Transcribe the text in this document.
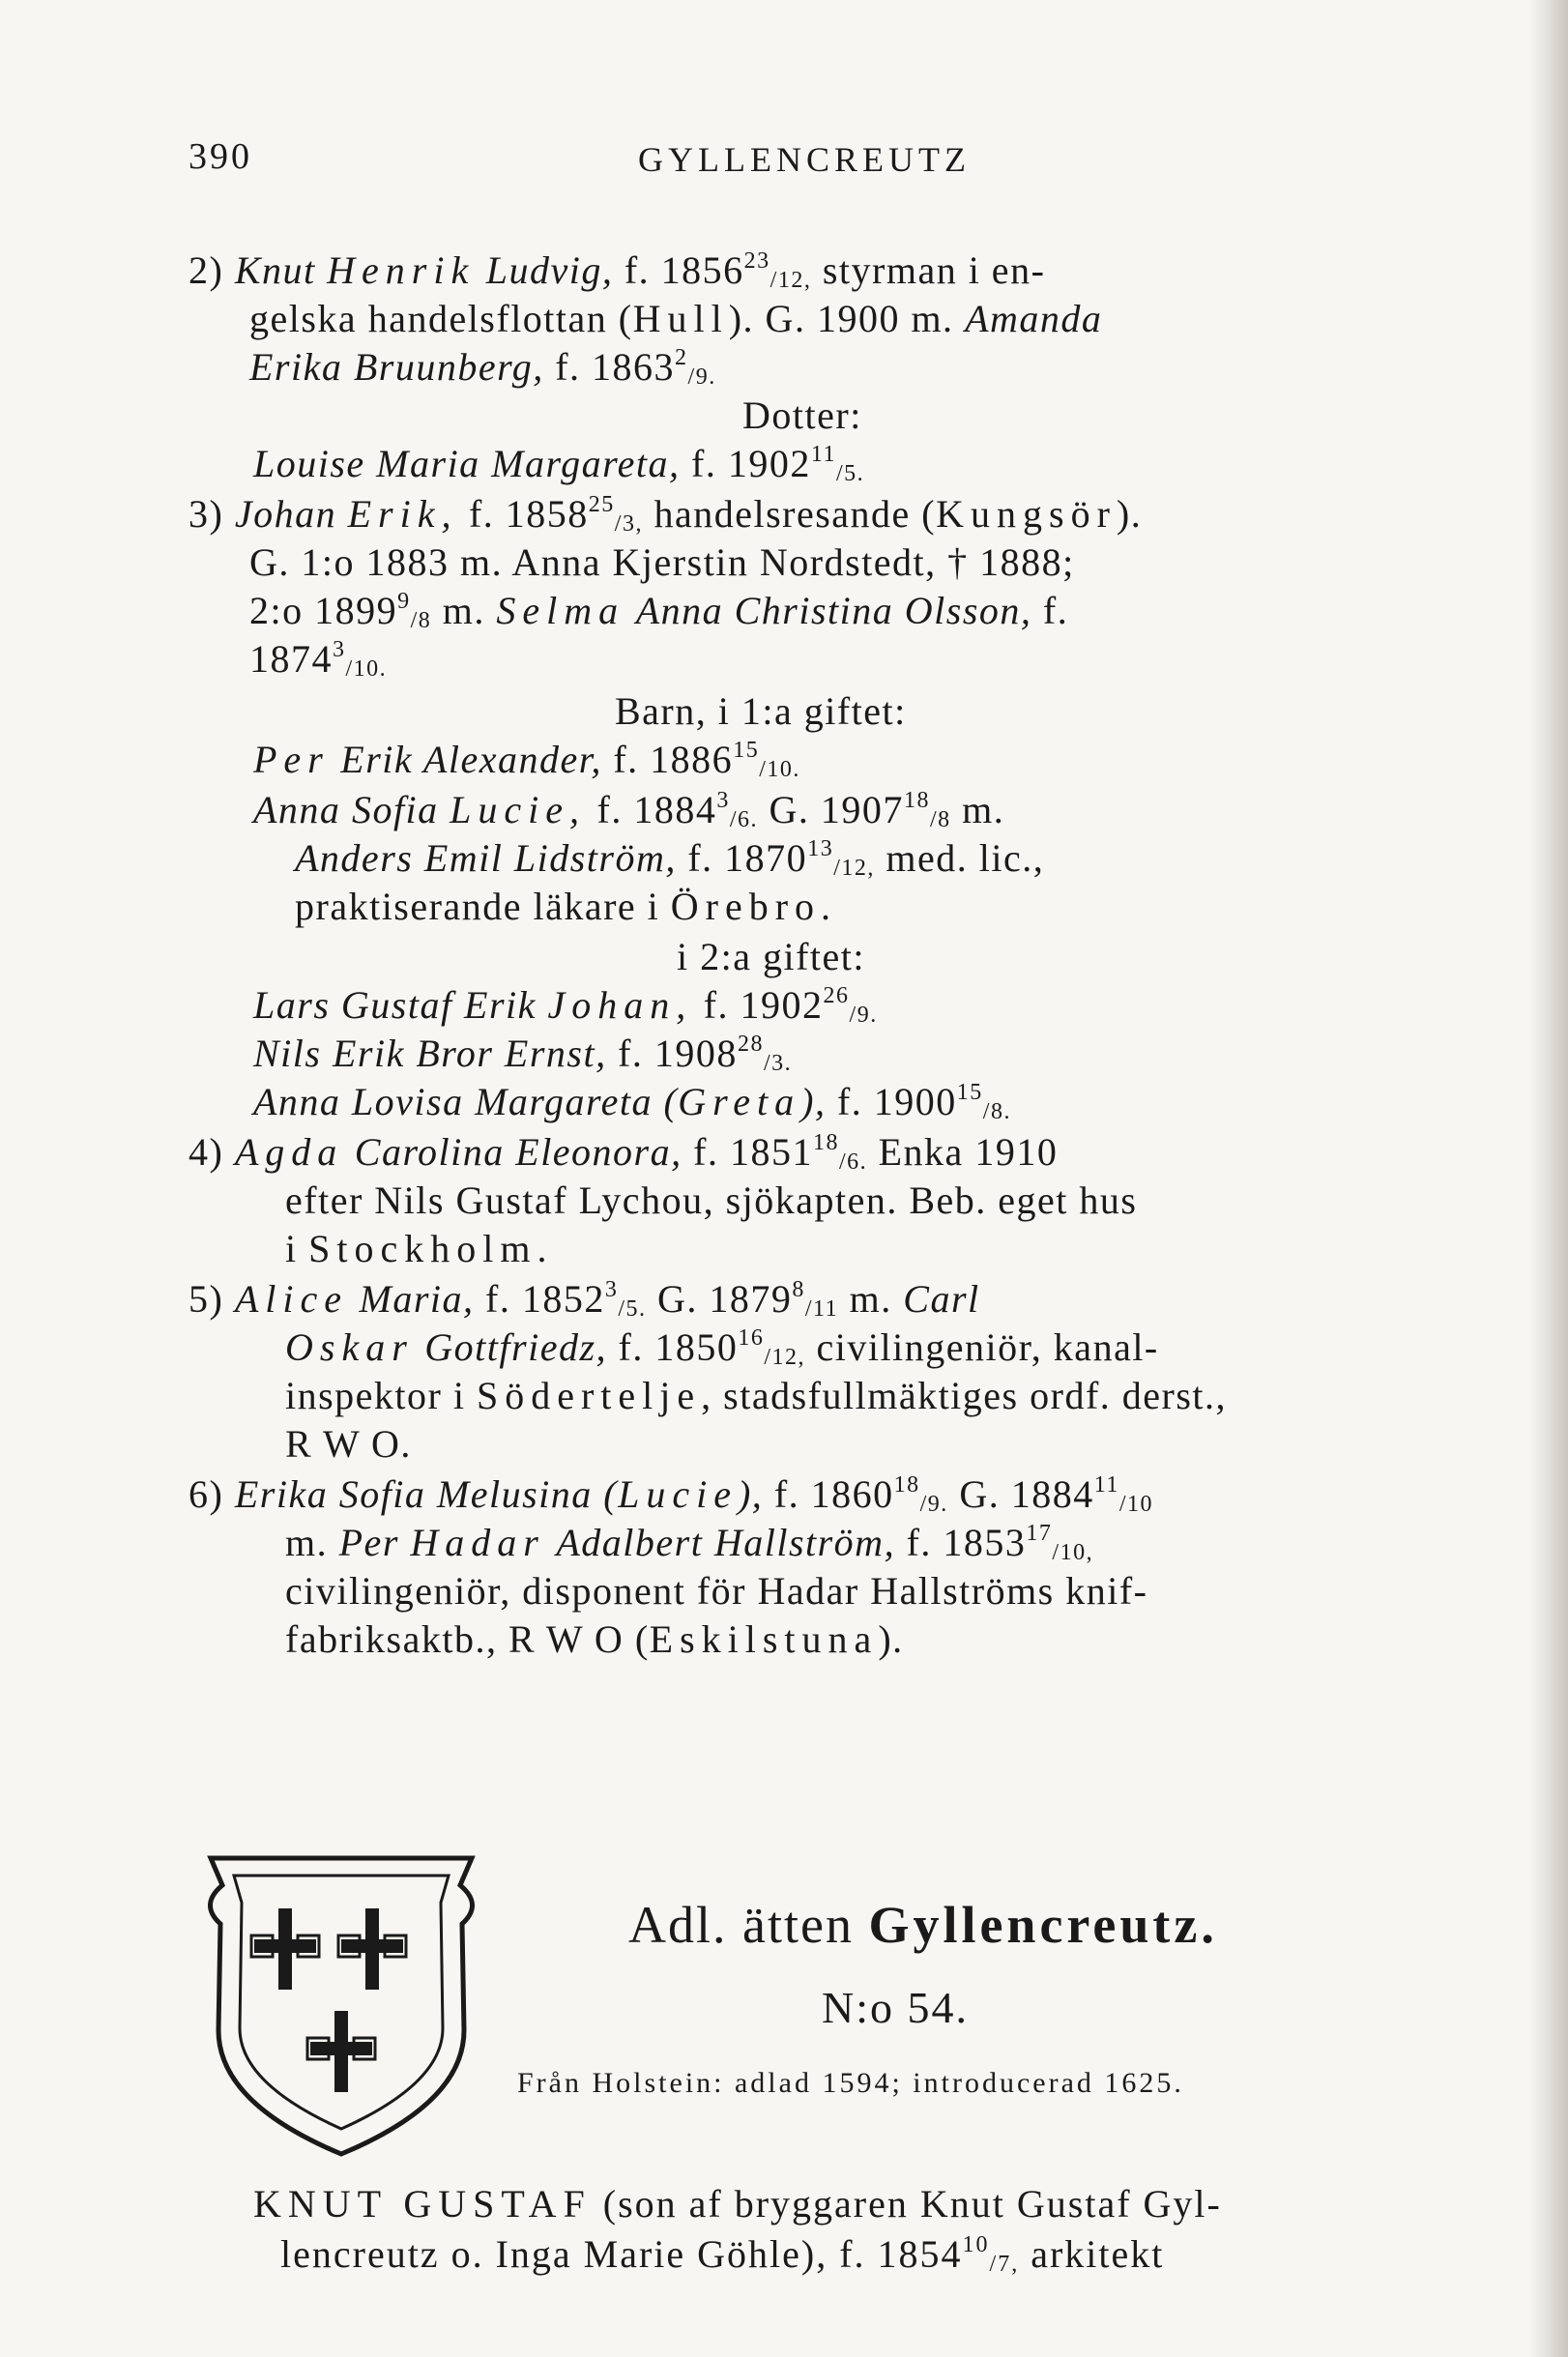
390	GYLLENCREUTZ
2) Knut Henrik Ludvig, f. $1856^{23}_{/12,}$ styrman i en-
gelska handelsflottan (Hull). G. 1900 m. Amanda
Erika Bruunberg, f. $1863^2_{/9.}$
Dotter:
Louise Maria Margareta, f. $1902^{11}_{/5.}$
3) Johan Erik, f. $1858^{25}_{/3,}$ handelsresande (Kungsör).
G. 1:o 1883 m. Anna Kjerstin Nordstedt, † 1888;
2:o $1899^9_{/8}$ m. Selma Anna Christina Olsson, f.
$1874^3_{/10.}$
Barn, i 1:a giftet:
Per Erik Alexander, f. $1886^{15}_{/10.}$
Anna Sofia Lucie, f. $1884^3_{/6.}$ G. $1907^{18}_{/8}$ m.
Anders Emil Lidström, f. $1870^{13}_{/12,}$ med. lic.,
praktiserande läkare i Örebro.
i 2:a giftet:
Lars Gustaf Erik Johan, f. $1902^{26}_{/9.}$
Nils Erik Bror Ernst, f. $1908^{28}_{/3.}$
Anna Lovisa Margareta (Greta), f. $1900^{15}_{/8.}$
4) Agda Carolina Eleonora, f. $1851^{18}_{/6.}$ Enka 1910
efter Nils Gustaf Lychou, sjökapten. Beb. eget hus
i Stockholm.
5) Alice Maria, f. $1852^3_{/5.}$ G. $1879^8_{/11}$ m. Carl
Oskar Gottfriedz, f. $1850^{16}_{/12,}$ civilingeniör, kanal-
inspektor i Södertelje, stadsfullmäktiges ordf. derst.,
R W O.
6) Erika Sofia Melusina (Lucie), f. $1860^{18}_{/9.}$ G. $1884^{11}_{/10}$
m. Per Hadar Adalbert Hallström, f. $1853^{17}_{/10,}$
civilingeniör, disponent för Hadar Hallströms knif-
fabriksaktb., R W O (Eskilstuna).
Adl. ätten Gyllencreutz.
N:o 54.
Från Holstein: adlad 1594; introducerad 1625.
KNUT GUSTAF (son af bryggaren Knut Gustaf Gyl-
lencreutz o. Inga Marie Göhle), f. $1854^{10}_{/7,}$ arkitekt
